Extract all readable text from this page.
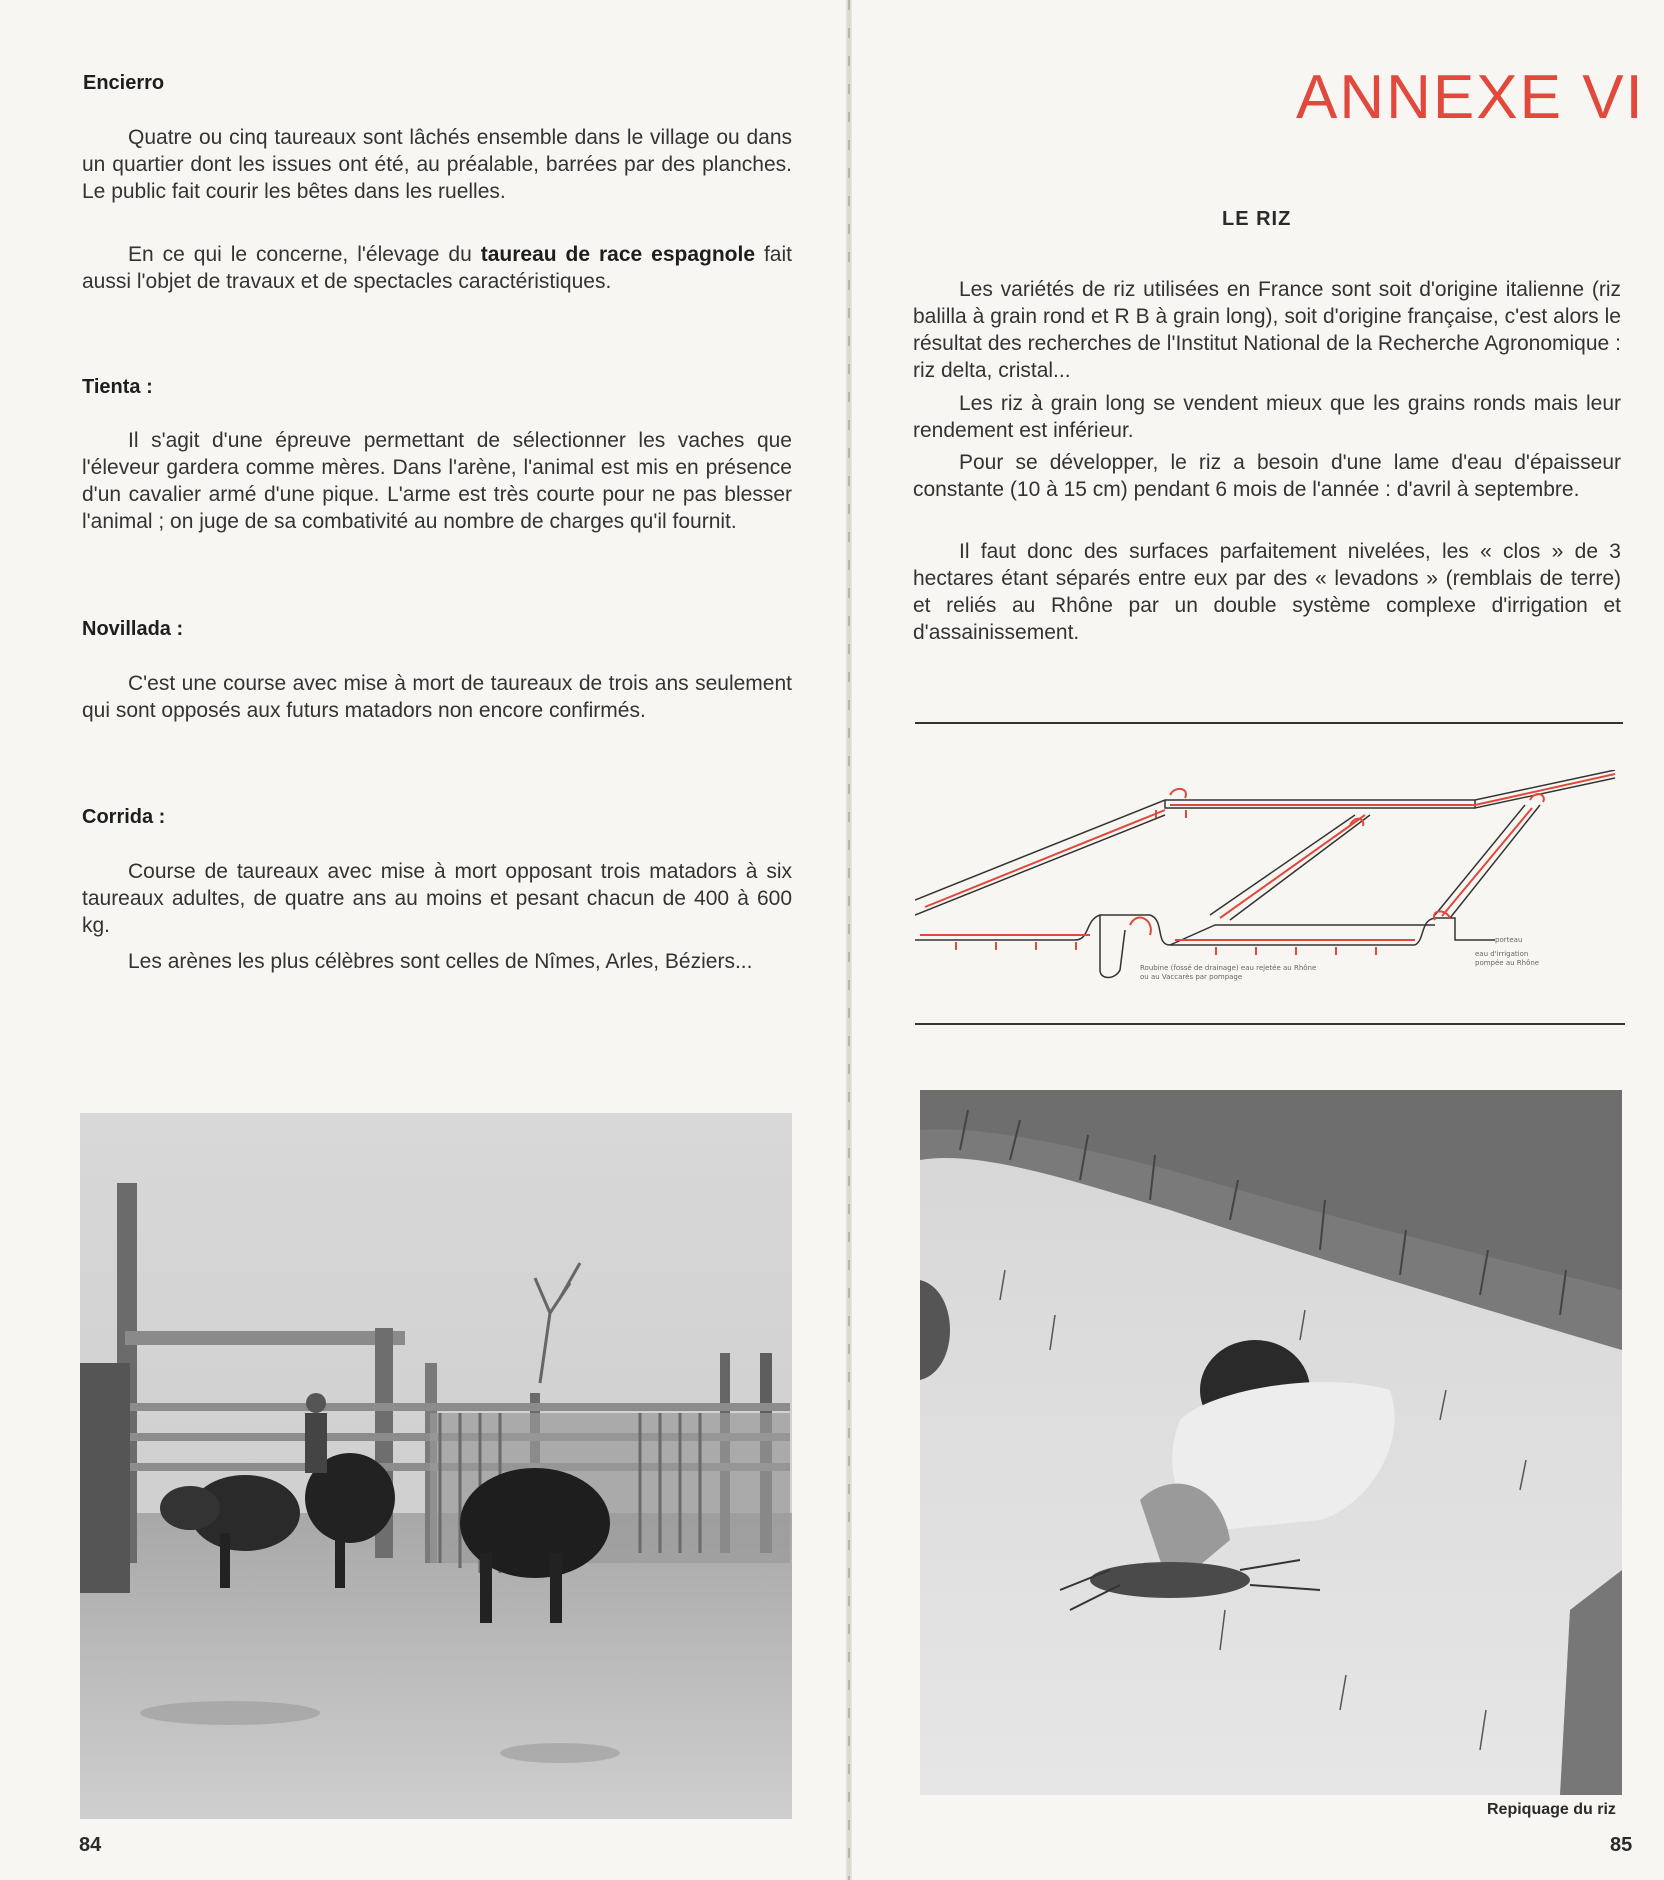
Encierro

Quatre ou cinq taureaux sont lâchés ensemble dans le village ou dans un quartier dont les issues ont été, au préalable, barrées par des planches. Le public fait courir les bêtes dans les ruelles.

En ce qui le concerne, l'élevage du taureau de race espagnole fait aussi l'objet de travaux et de spectacles caractéristiques.

Tienta :

Il s'agit d'une épreuve permettant de sélectionner les vaches que l'éleveur gardera comme mères. Dans l'arène, l'animal est mis en présence d'un cavalier armé d'une pique. L'arme est très courte pour ne pas blesser l'animal ; on juge de sa combativité au nombre de charges qu'il fournit.

Novillada :

C'est une course avec mise à mort de taureaux de trois ans seulement qui sont opposés aux futurs matadors non encore confirmés.

Corrida :

Course de taureaux avec mise à mort opposant trois matadors à six taureaux adultes, de quatre ans au moins et pesant chacun de 400 à 600 kg.

Les arènes les plus célèbres sont celles de Nîmes, Arles, Béziers...

84
ANNEXE VI
LE RIZ

Les variétés de riz utilisées en France sont soit d'origine italienne (riz balilla à grain rond et R B à grain long), soit d'origine française, c'est alors le résultat des recherches de l'Institut National de la Recherche Agronomique : riz delta, cristal...

Les riz à grain long se vendent mieux que les grains ronds mais leur rendement est inférieur.

Pour se développer, le riz a besoin d'une lame d'eau d'épaisseur constante (10 à 15 cm) pendant 6 mois de l'année : d'avril à septembre.

Il faut donc des surfaces parfaitement nivelées, les « clos » de 3 hectares étant séparés entre eux par des « levadons » (remblais de terre) et reliés au Rhône par un double système complexe d'irrigation et d'assainissement.

Roubine (fossé de drainage) eau rejetée au Rhône
ou au Vaccarès par pompage
porteau
eau d'irrigation
pompée au Rhône
Repiquage du riz
85
